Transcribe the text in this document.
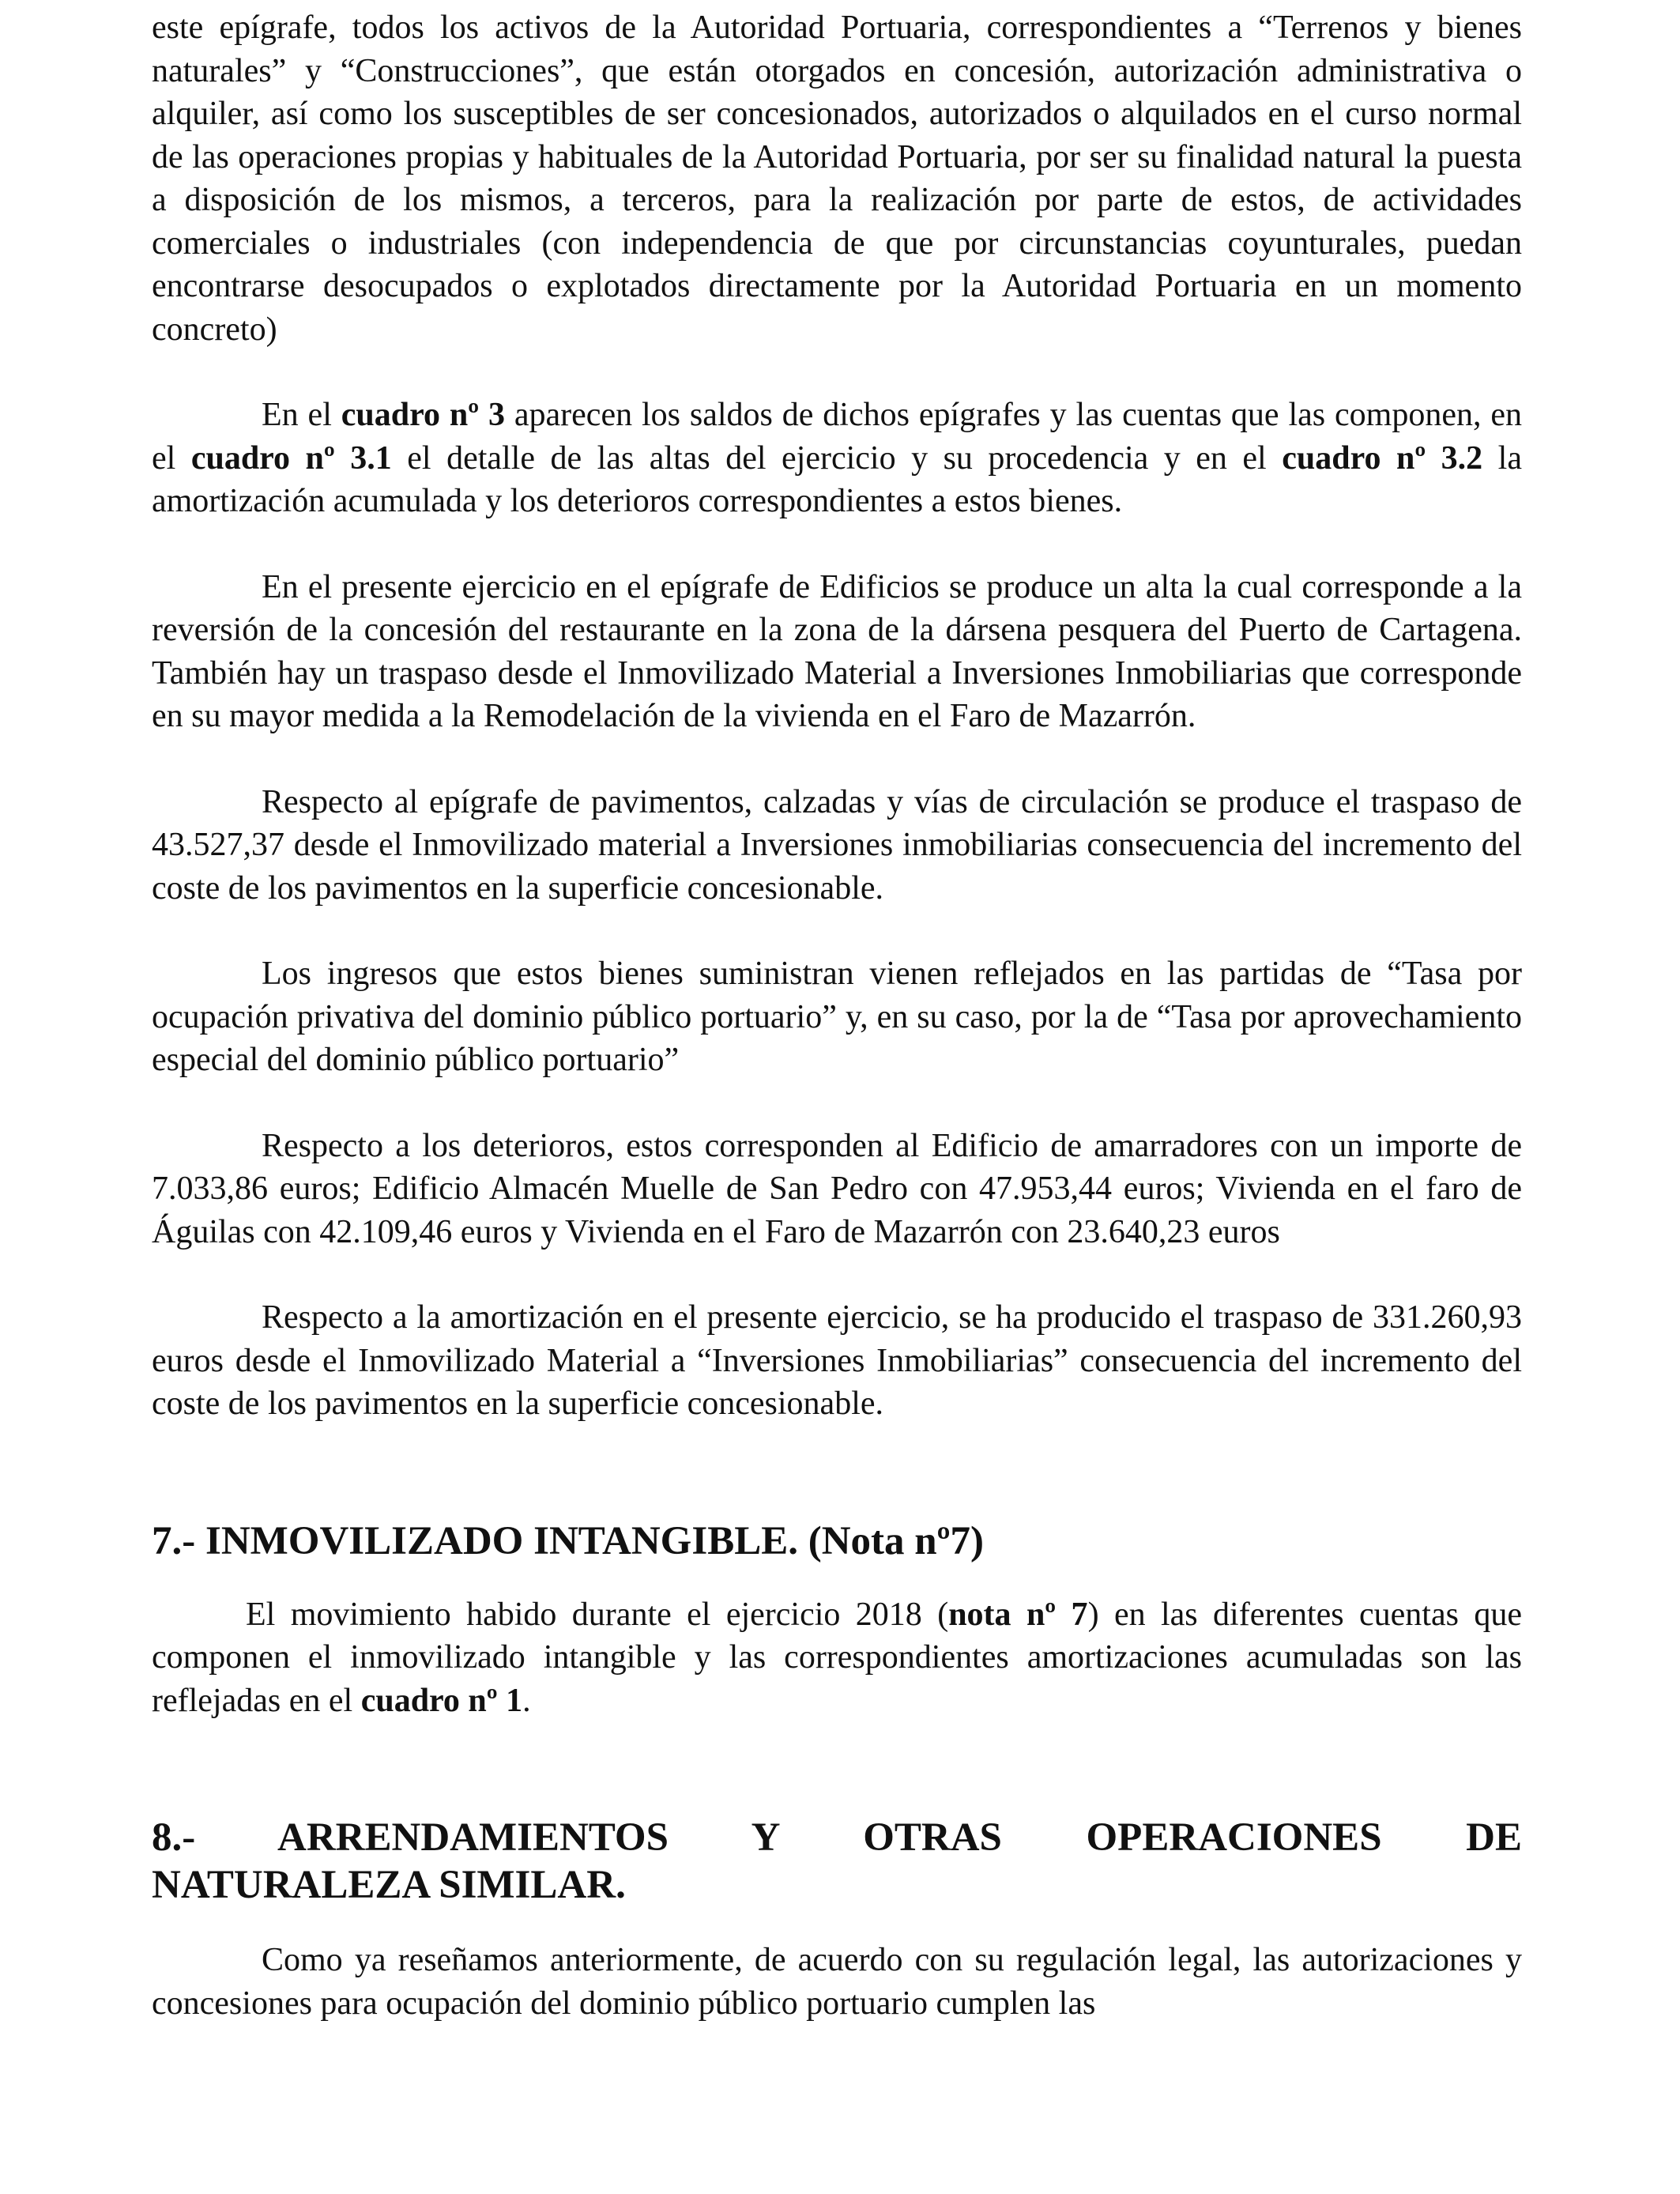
este epígrafe, todos los activos de la Autoridad Portuaria, correspondientes a “Terrenos y bienes naturales” y “Construcciones”, que están otorgados en concesión, autorización administrativa o alquiler, así como los susceptibles de ser concesionados, autorizados o alquilados en el curso normal de las operaciones propias y habituales de la Autoridad Portuaria, por ser su finalidad natural la puesta a disposición de los mismos, a terceros, para la realización por parte de estos, de actividades comerciales o industriales (con independencia de que por circunstancias coyunturales, puedan encontrarse desocupados o explotados directamente por la Autoridad Portuaria en un momento concreto)

En el cuadro nº 3 aparecen los saldos de dichos epígrafes y las cuentas que las componen, en el cuadro nº 3.1 el detalle de las altas del ejercicio y su procedencia y en el cuadro nº 3.2 la amortización acumulada y los deterioros correspondientes a estos bienes.

En el presente ejercicio en el epígrafe de Edificios se produce un alta la cual corresponde a la reversión de la concesión del restaurante en la zona de la dársena pesquera del Puerto de Cartagena. También hay un traspaso desde el Inmovilizado Material a Inversiones Inmobiliarias que corresponde en su mayor medida a la Remodelación de la vivienda en el Faro de Mazarrón.

Respecto al epígrafe de pavimentos, calzadas y vías de circulación se produce el traspaso de 43.527,37 desde el Inmovilizado material a Inversiones inmobiliarias consecuencia del incremento del coste de los pavimentos en la superficie concesionable.

Los ingresos que estos bienes suministran vienen reflejados en las partidas de “Tasa por ocupación privativa del dominio público portuario” y, en su caso, por la de “Tasa por aprovechamiento especial del dominio público portuario”

Respecto a los deterioros, estos corresponden al Edificio de amarradores con un importe de 7.033,86 euros; Edificio Almacén Muelle de San Pedro con 47.953,44 euros; Vivienda en el faro de Águilas con 42.109,46 euros y Vivienda en el Faro de Mazarrón con 23.640,23 euros

Respecto a la amortización en el presente ejercicio, se ha producido el traspaso de 331.260,93 euros desde el Inmovilizado Material a “Inversiones Inmobiliarias” consecuencia del incremento del coste de los pavimentos en la superficie concesionable.

7.- INMOVILIZADO INTANGIBLE. (Nota nº7)

El movimiento habido durante el ejercicio 2018 (nota nº 7) en las diferentes cuentas que componen el inmovilizado intangible y las correspondientes amortizaciones acumuladas son las reflejadas en el cuadro nº 1.

8.- ARRENDAMIENTOS Y OTRAS OPERACIONES DE
NATURALEZA SIMILAR.

Como ya reseñamos anteriormente, de acuerdo con su regulación legal, las autorizaciones y concesiones para ocupación del dominio público portuario cumplen las
